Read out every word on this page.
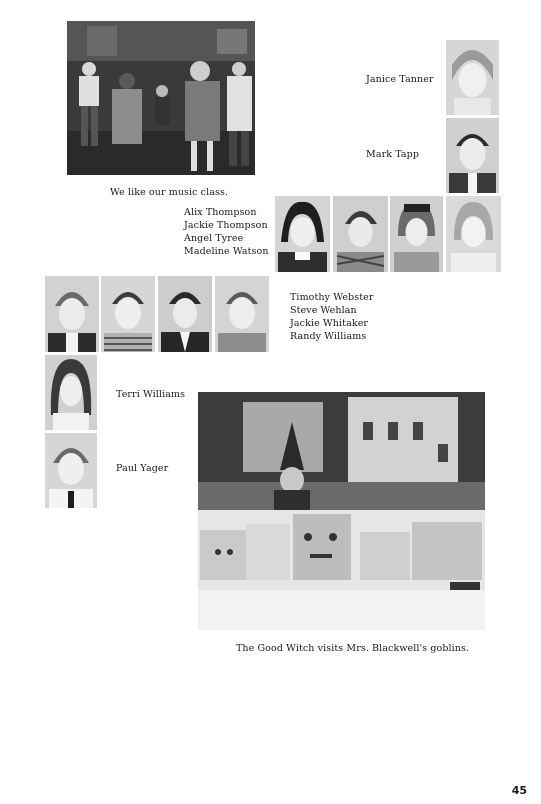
We like our music class.
Janice Tanner
Mark Tapp
Alix Thompson
Jackie Thompson
Angel Tyree
Madeline Watson
Timothy Webster
Steve Wehlan
Jackie Whitaker
Randy Williams
Terri Williams
Paul Yager
The Good Witch visits Mrs. Blackwell's goblins.
45
